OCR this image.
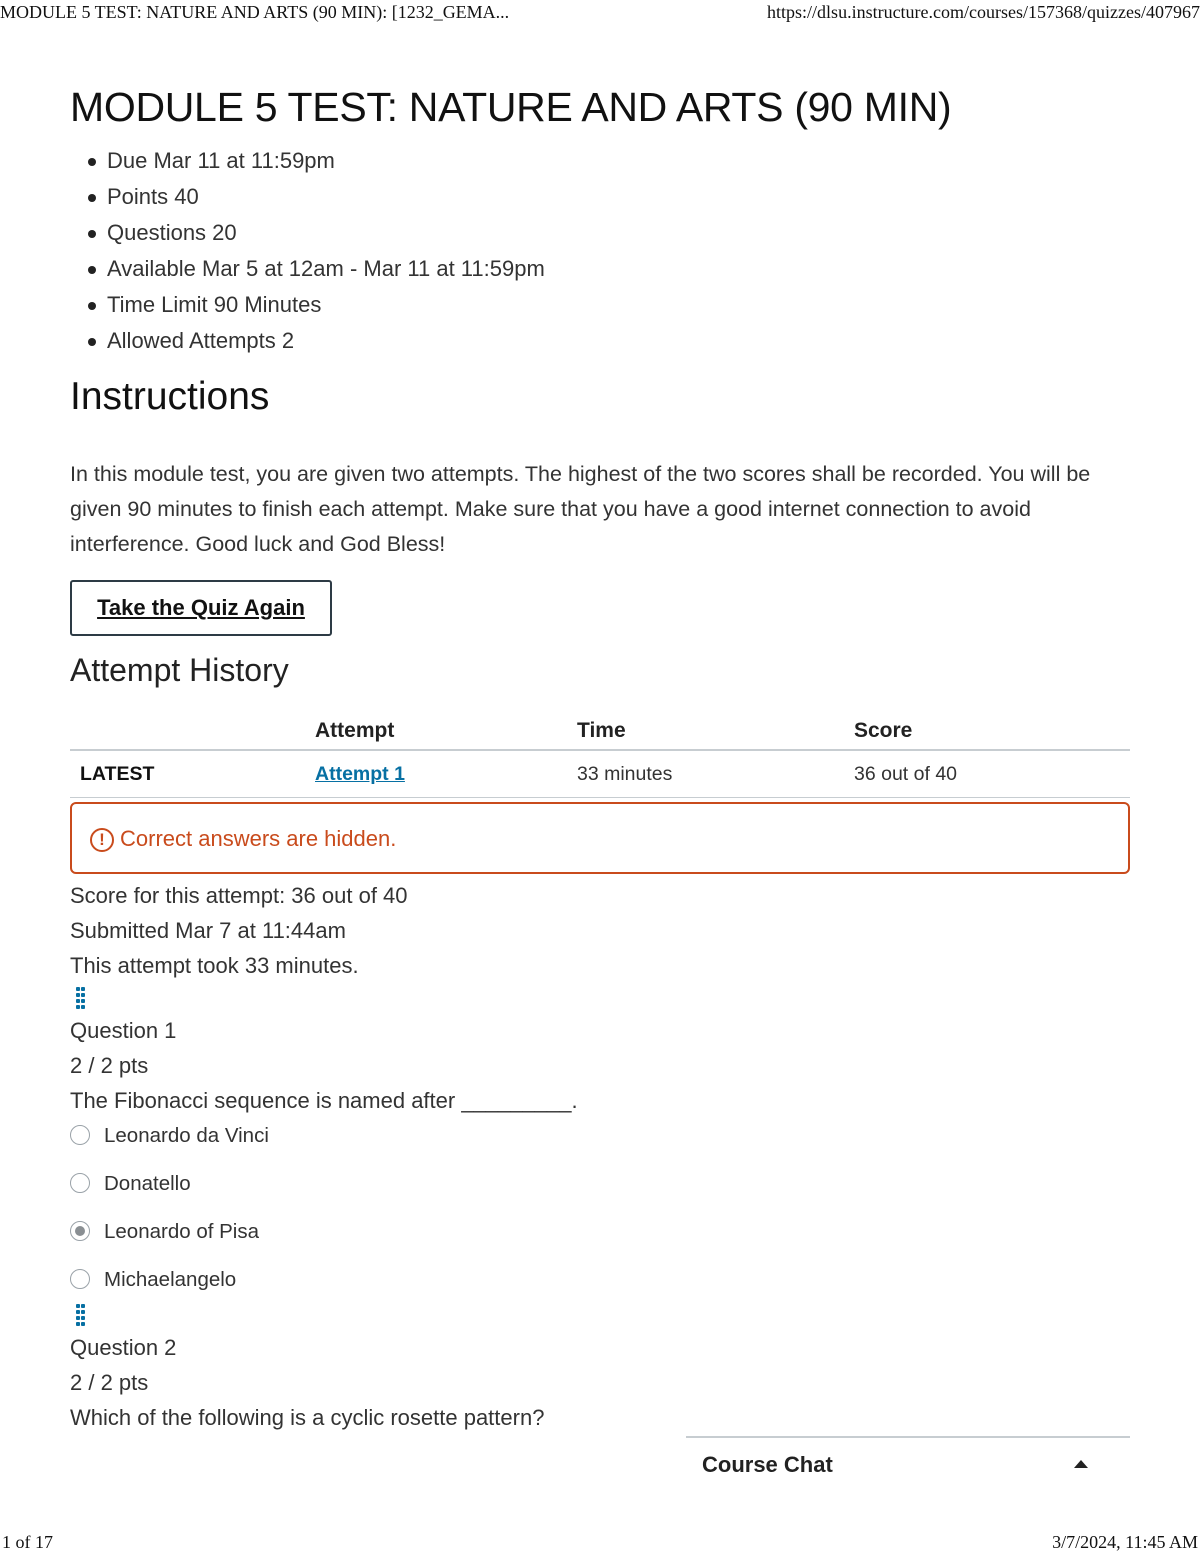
MODULE 5 TEST: NATURE AND ARTS (90 MIN): [1232_GEMA...	https://dlsu.instructure.com/courses/157368/quizzes/407967
MODULE 5 TEST: NATURE AND ARTS (90 MIN)
Due Mar 11 at 11:59pm
Points 40
Questions 20
Available Mar 5 at 12am - Mar 11 at 11:59pm
Time Limit 90 Minutes
Allowed Attempts 2
Instructions

In this module test, you are given two attempts. The highest of the two scores shall be recorded. You will be given 90 minutes to finish each attempt. Make sure that you have a good internet connection to avoid interference. Good luck and God Bless!

Take the Quiz Again
Attempt History
	Attempt	Time	Score
LATEST	Attempt 1	33 minutes	36 out of 40
! Correct answers are hidden.
Score for this attempt: 36 out of 40
Submitted Mar 7 at 11:44am
This attempt took 33 minutes.
Question 1
2 / 2 pts
The Fibonacci sequence is named after _________.
Leonardo da Vinci
Donatello
Leonardo of Pisa
Michaelangelo
Question 2
2 / 2 pts
Which of the following is a cyclic rosette pattern?
Course Chat
1 of 17	3/7/2024, 11:45 AM
